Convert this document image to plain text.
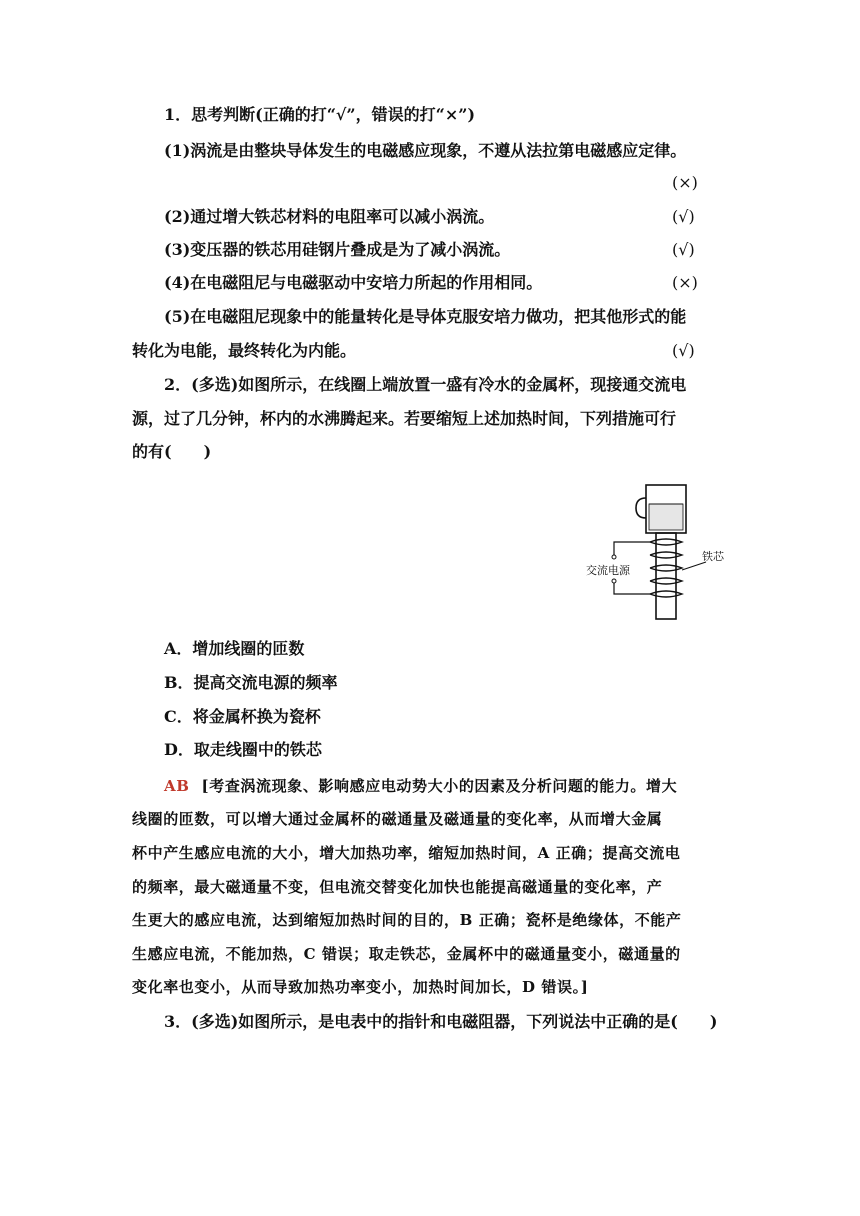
1．思考判断(正确的打“√”，错误的打“×”)
(1)涡流是由整块导体发生的电磁感应现象，不遵从法拉第电磁感应定律。
(×)
(2)通过增大铁芯材料的电阻率可以减小涡流。	(√)
(3)变压器的铁芯用硅钢片叠成是为了减小涡流。	(√)
(4)在电磁阻尼与电磁驱动中安培力所起的作用相同。	(×)
(5)在电磁阻尼现象中的能量转化是导体克服安培力做功，把其他形式的能
转化为电能，最终转化为内能。	(√)
2．(多选)如图所示，在线圈上端放置一盛有冷水的金属杯，现接通交流电
源，过了几分钟，杯内的水沸腾起来。若要缩短上述加热时间，下列措施可行
的有(　　)
铁芯
交流电源
A．增加线圈的匝数
B．提高交流电源的频率
C．将金属杯换为瓷杯
D．取走线圈中的铁芯
AB [考查涡流现象、影响感应电动势大小的因素及分析问题的能力。增大
线圈的匝数，可以增大通过金属杯的磁通量及磁通量的变化率，从而增大金属
杯中产生感应电流的大小，增大加热功率，缩短加热时间，A 正确；提高交流电
的频率，最大磁通量不变，但电流交替变化加快也能提高磁通量的变化率，产
生更大的感应电流，达到缩短加热时间的目的，B 正确；瓷杯是绝缘体，不能产
生感应电流，不能加热，C 错误；取走铁芯，金属杯中的磁通量变小，磁通量的
变化率也变小，从而导致加热功率变小，加热时间加长，D 错误。]
3．(多选)如图所示，是电表中的指针和电磁阻器，下列说法中正确的是(　　)
